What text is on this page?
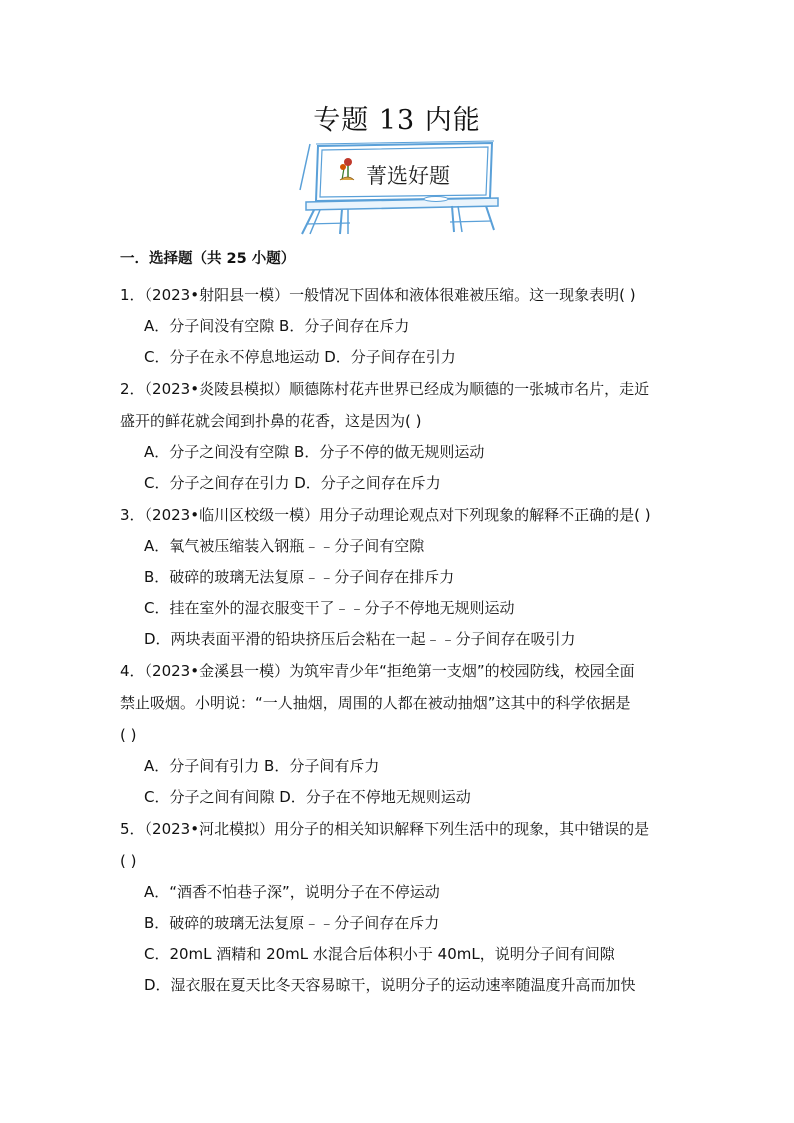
专题 13 内能
菁选好题
一．选择题（共 25 小题）

1．（2023•射阳县一模）一般情况下固体和液体很难被压缩。这一现象表明( )

A．分子间没有空隙 B．分子间存在斥力

C．分子在永不停息地运动 D．分子间存在引力

2．（2023•炎陵县模拟）顺德陈村花卉世界已经成为顺德的一张城市名片，走近

盛开的鲜花就会闻到扑鼻的花香，这是因为( )

A．分子之间没有空隙 B．分子不停的做无规则运动

C．分子之间存在引力 D．分子之间存在斥力

3．（2023•临川区校级一模）用分子动理论观点对下列现象的解释不正确的是( )

A．氧气被压缩装入钢瓶﹣﹣分子间有空隙

B．破碎的玻璃无法复原﹣﹣分子间存在排斥力

C．挂在室外的湿衣服变干了﹣﹣分子不停地无规则运动

D．两块表面平滑的铅块挤压后会粘在一起﹣﹣分子间存在吸引力

4．（2023•金溪县一模）为筑牢青少年“拒绝第一支烟”的校园防线，校园全面

禁止吸烟。小明说：“一人抽烟，周围的人都在被动抽烟”这其中的科学依据是

( )

A．分子间有引力 B．分子间有斥力

C．分子之间有间隙 D．分子在不停地无规则运动

5．（2023•河北模拟）用分子的相关知识解释下列生活中的现象，其中错误的是

( )

A．“酒香不怕巷子深”，说明分子在不停运动

B．破碎的玻璃无法复原﹣﹣分子间存在斥力

C．20mL 酒精和 20mL 水混合后体积小于 40mL，说明分子间有间隙

D．湿衣服在夏天比冬天容易晾干，说明分子的运动速率随温度升高而加快
